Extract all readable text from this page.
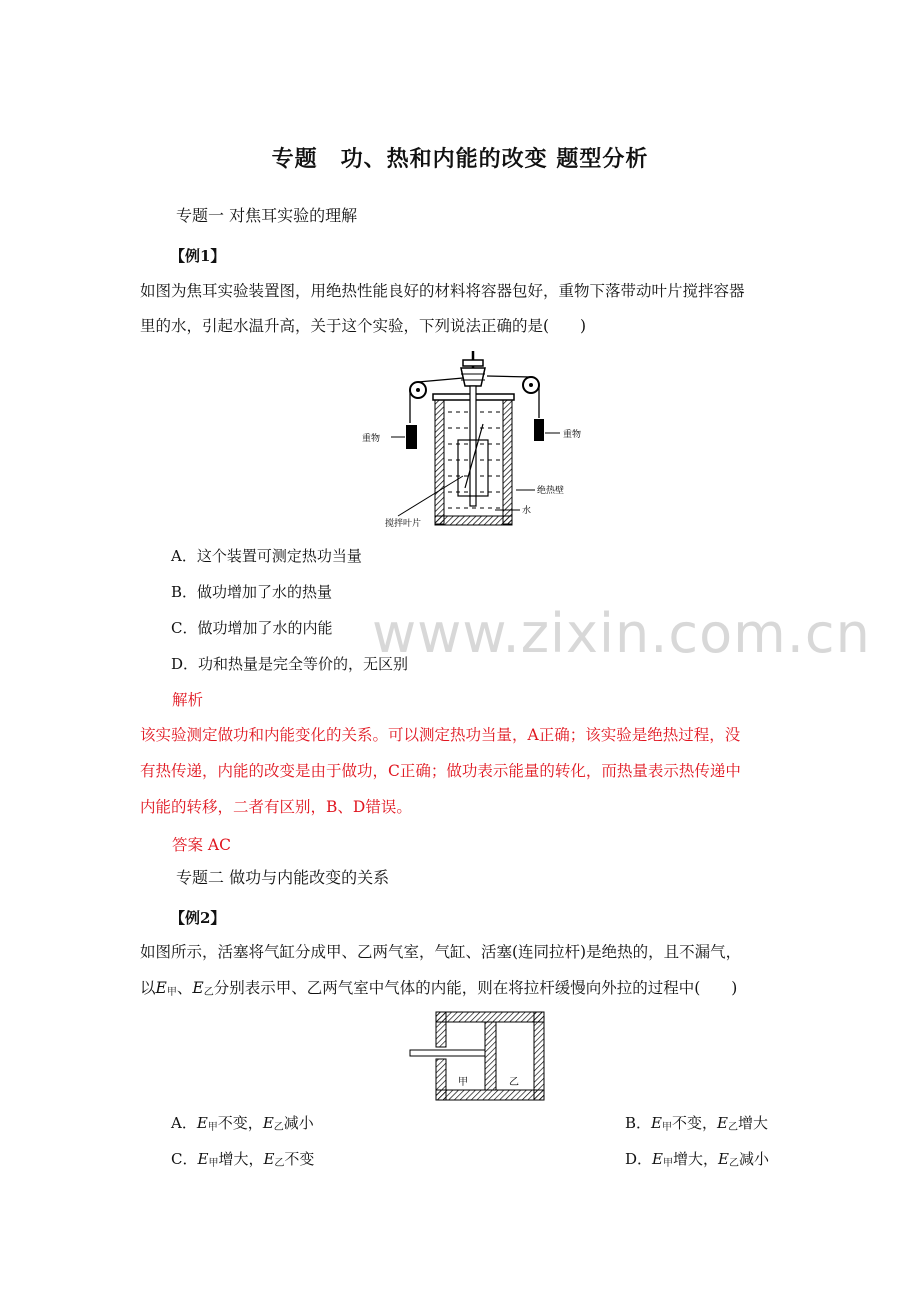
专题　功、热和内能的改变 题型分析
www.zixin.com.cn
专题一 对焦耳实验的理解
【例1】
如图为焦耳实验装置图，用绝热性能良好的材料将容器包好，重物下落带动叶片搅拌容器
里的水，引起水温升高，关于这个实验，下列说法正确的是(　　)
重物	重物
绝热壁
水
搅拌叶片
A．这个装置可测定热功当量
B．做功增加了水的热量
C．做功增加了水的内能
D．功和热量是完全等价的，无区别
解析
该实验测定做功和内能变化的关系。可以测定热功当量，A正确；该实验是绝热过程，没
有热传递，内能的改变是由于做功，C正确；做功表示能量的转化，而热量表示热传递中
内能的转移，二者有区别，B、D错误。
答案 AC
专题二 做功与内能改变的关系
【例2】
如图所示，活塞将气缸分成甲、乙两气室，气缸、活塞(连同拉杆)是绝热的，且不漏气，
以$E_甲$、$E_乙$分别表示甲、乙两气室中气体的内能，则在将拉杆缓慢向外拉的过程中(　　)
甲	乙
A．$E_甲$不变，$E_乙$减小	B．$E_甲$不变，$E_乙$增大
C．$E_甲$增大，$E_乙$不变	D．$E_甲$增大，$E_乙$减小
